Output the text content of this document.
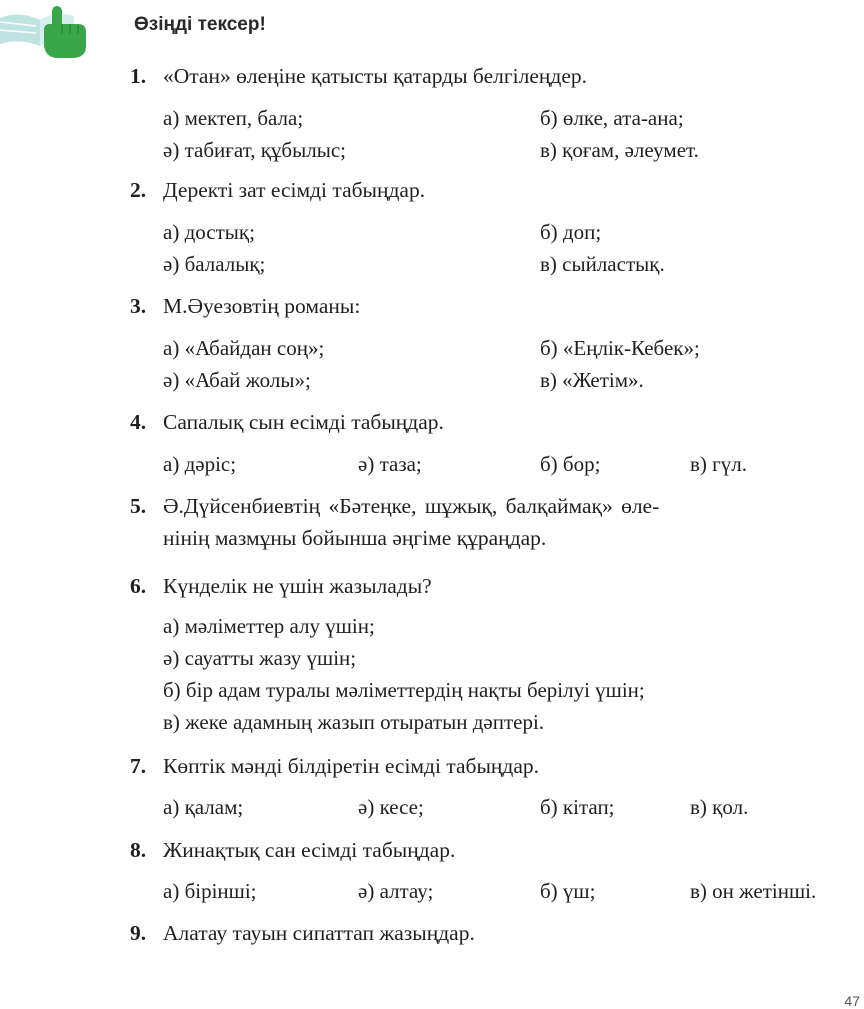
Өзіңді тексер!
1. «Отан» өлеңіне қатысты қатарды белгілеңдер.
а) мектеп, бала;	б) өлке, ата-ана;
ә) табиғат, құбылыс;	в) қоғам, әлеумет.
2. Деректі зат есімді табыңдар.
а) достық;	б) доп;
ә) балалық;	в) сыйластық.
3. М.Әуезовтің романы:
а) «Абайдан соң»;	б) «Еңлік-Кебек»;
ә) «Абай жолы»;	в) «Жетім».
4. Сапалық сын есімді табыңдар.
а) дәріс;	ә) таза;	б) бор;	в) гүл.
5. Ә.Дүйсенбиевтің «Бәтеңке, шұжық, балқаймақ» өле-
нінің мазмұны бойынша әңгіме құраңдар.
6. Күнделік не үшін жазылады?
а) мәліметтер алу үшін;
ә) сауатты жазу үшін;
б) бір адам туралы мәліметтердің нақты берілуі үшін;
в) жеке адамның жазып отыратын дәптері.
7. Көптік мәнді білдіретін есімді табыңдар.
а) қалам;	ә) кесе;	б) кітап;	в) қол.
8. Жинақтық сан есімді табыңдар.
а) бірінші;	ә) алтау;	б) үш;	в) он жетінші.
9. Алатау тауын сипаттап жазыңдар.
47
